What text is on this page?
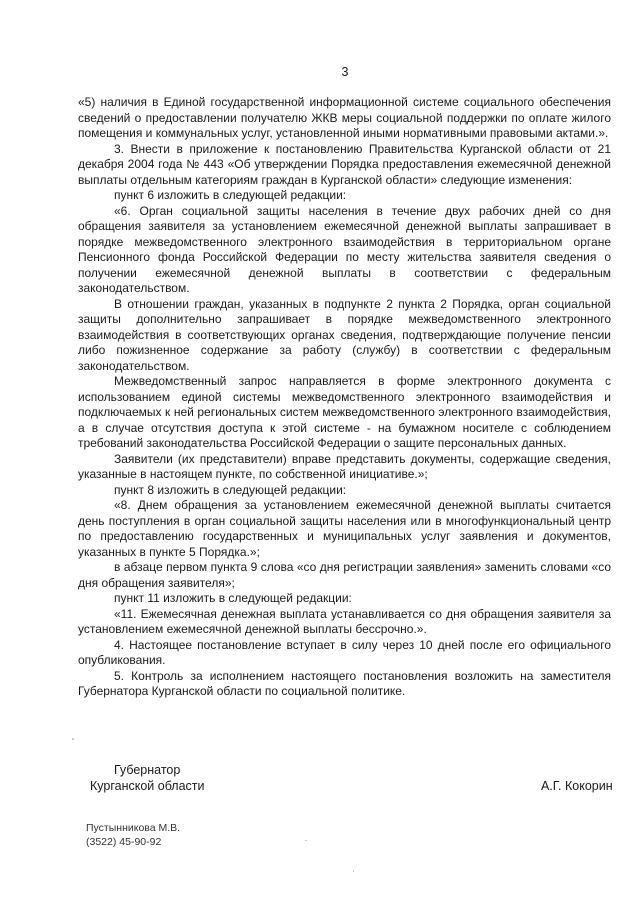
3

«5) наличия в Единой государственной информационной системе социального обеспечения сведений о предоставлении получателю ЖКВ меры социальной поддержки по оплате жилого помещения и коммунальных услуг, установленной иными нормативными правовыми актами.».

3. Внести в приложение к постановлению Правительства Курганской области от 21 декабря 2004 года № 443 «Об утверждении Порядка предоставления ежемесячной денежной выплаты отдельным категориям граждан в Курганской области» следующие изменения:

пункт 6 изложить в следующей редакции:

«6. Орган социальной защиты населения в течение двух рабочих дней со дня обращения заявителя за установлением ежемесячной денежной выплаты запрашивает в порядке межведомственного электронного взаимодействия в территориальном органе Пенсионного фонда Российской Федерации по месту жительства заявителя сведения о получении ежемесячной денежной выплаты в соответствии с федеральным законодательством.

В отношении граждан, указанных в подпункте 2 пункта 2 Порядка, орган социальной защиты дополнительно запрашивает в порядке межведомственного электронного взаимодействия в соответствующих органах сведения, подтверждающие получение пенсии либо пожизненное содержание за работу (службу) в соответствии с федеральным законодательством.

Межведомственный запрос направляется в форме электронного документа с использованием единой системы межведомственного электронного взаимодействия и подключаемых к ней региональных систем межведомственного электронного взаимодействия, а в случае отсутствия доступа к этой системе - на бумажном носителе с соблюдением требований законодательства Российской Федерации о защите персональных данных.

Заявители (их представители) вправе представить документы, содержащие сведения, указанные в настоящем пункте, по собственной инициативе.»;

пункт 8 изложить в следующей редакции:

«8. Днем обращения за установлением ежемесячной денежной выплаты считается день поступления в орган социальной защиты населения или в многофункциональный центр по предоставлению государственных и муниципальных услуг заявления и документов, указанных в пункте 5 Порядка.»;

в абзаце первом пункта 9 слова «со дня регистрации заявления» заменить словами «со дня обращения заявителя»;

пункт 11 изложить в следующей редакции:

«11. Ежемесячная денежная выплата устанавливается со дня обращения заявителя за установлением ежемесячной денежной выплаты бессрочно.».

4. Настоящее постановление вступает в силу через 10 дней после его официального опубликования.

5. Контроль за исполнением настоящего постановления возложить на заместителя Губернатора Курганской области по социальной политике.

Губернатор
Курганской области	А.Г. Кокорин
Пустынникова М.В.
(3522) 45-90-92
